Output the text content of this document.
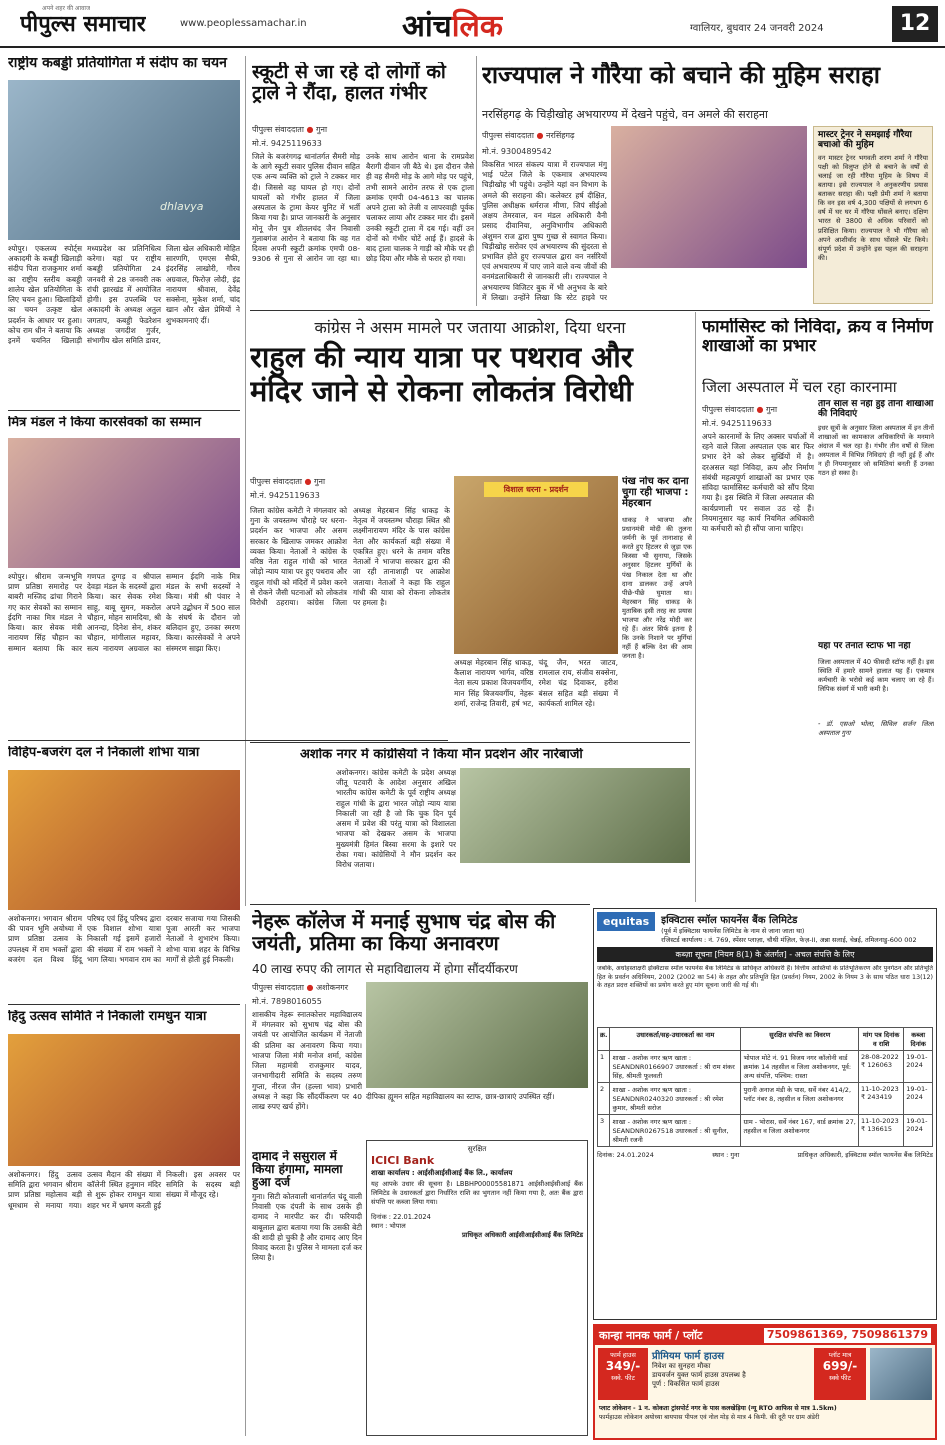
अपने शहर की आवाज
पीपुल्स समाचार	www.peoplessamachar.in	आंचलिक	ग्वालियर, बुधवार 24 जनवरी 2024	12
राष्ट्रीय कबड्डी प्रतियोगिता में संदीप का चयन
dhlavya
श्योपुर। एकलव्य स्पोर्ट्स अकादमी के कबड्डी खिलाड़ी संदीप पिता राजकुमार शर्मा का राष्ट्रीय स्तरीय कबड्डी शालेय खेल प्रतियोगिता के लिए चयन हुआ। खिलाड़ियों का चयन उत्कृष्ट खेल प्रदर्शन के आधार पर हुआ। कोच राम धीन ने बताया कि इनमें चयनित खिलाड़ी मध्यप्रदेश का प्रतिनिधित्व करेगा। यहां पर राष्ट्रीय कबड्डी प्रतियोगिता 24 जनवरी से 28 जनवरी तक रांची झारखंड में आयोजित होगी। इस उपलब्धि पर अकादमी के अध्यक्ष अतुल जगताप, कबड्डी फेडरेशन अध्यक्ष जगदीश गुर्जर, संभागीय खेल समिति डावर, जिला खेल अधिकारी मोहित सारणगि, एमएस सैफी, इंदरसिंह लाखोरी, गौरव अग्रवाल, फिरोज़ लोदी, इंद्र नारायण श्रीवास, देवेंद्र सक्सेना, मुकेश शर्मा, चांद खान और खेल प्रेमियों ने शुभकामनाएं दीं।
स्कूटी से जा रहे दो लोगों को ट्राले ने रौंदा, हालत गंभीर
पीपुल्स संवाददाता ● गुना
मो.नं. 9425119633
जिले के बजरंगगढ़ थानांतर्गत सैमरी मोड़ के आगे स्कूटी सवार पुलिस दीवान सहित एक अन्य व्यक्ति को ट्राले ने टक्कर मार दी। जिससे वह घायल हो गए। दोनों घायलों को गंभीर हालत में जिला अस्पताल के ट्रामा केयर यूनिट में भर्ती किया गया है। प्राप्त जानकारी के अनुसार मोनू जैन पुत्र शीतलचंद जैन निवासी गुलाबगंज आरोन ने बताया कि वह गत दिवस अपनी स्कूटी क्रमांक एमपी 08-9306 से गुना से आरोन जा रहा था। उनके साथ आरोन थाना के रामप्रवेश बैरागी दीवान जी बैठे थे। इस दौरान जैसे ही वह सैमरी मोड़ के आगे मोड़ पर पहुंचे, तभी सामने आरोन तरफ से एक ट्राला क्रमांक एमपी 04-4613 का चालक अपने ट्राला को तेजी व लापरवाही पूर्वक चलाकर लाया और टक्कर मार दी। इसमें उनकी स्कूटी ट्राला में दब गई। वहीं उन दोनों को गंभीर चोटें आई हैं। हादसे के बाद ट्राला चालक ने गाड़ी को मौके पर ही छोड़ दिया और मौके से फरार हो गया।
राज्यपाल ने गौरैया को बचाने की मुहिम सराहा
नरसिंहगढ़ के चिड़ीखोह अभयारण्य में देखने पहुंचे, वन अमले की सराहना
पीपुल्स संवाददाता ● नरसिंहगढ़
मो.नं. 9300489542
विकसित भारत संकल्प यात्रा में राज्यपाल मंगु भाई पटेल जिले के एकमात्र अभयारण्य चिड़ीखोह भी पहुंचे। उन्होंने यहां वन विभाग के अमले की सराहना की। कलेक्टर हर्ष दीक्षित, पुलिस अधीक्षक धर्मराज मीणा, जिपं सीईओ अक्षय तेमरवाल, वन मंडल अधिकारी वैनी प्रसाद दीवानिया, अनुविभागीय अधिकारी अंशुमन राज द्वारा पुष्प गुच्छ से स्वागत किया। चिड़ीखोह सरोवर एवं अभयारण्य की सुंदरता से प्रभावित होते हुए राज्यपाल द्वारा वन नर्सरियों एवं अभयारण्य में पाए जाने वाले वन्य जीवों की वनमंडलाधिकारी से जानकारी ली। राज्यपाल ने अभयारण्य विजिटर बुक में भी अनुभव के बारे में लिखा। उन्होंने लिखा कि स्टेट हाइवे पर
मास्टर ट्रेनर ने समझाई गौरैया बचाओ की मुहिम
वन मास्टर ट्रेनर भगवती शरण शर्मा ने गौरैया पक्षी को विलुप्त होने से बचाने के वर्षों से चलाई जा रही गौरैया मुहिम के विषय में बताया। इसे राज्यपाल ने अनुकरणीय प्रयास बताकर सराहा की। पक्षी प्रेमी शर्मा ने बताया कि वन इस वर्ष 4,300 पक्षियों से लगभग 6 वर्ष में घर घर में गौरैया घोंसले बनाए। दक्षिण भारत से 3800 से अधिक परिवारों को प्रशिक्षित किया। राज्यपाल ने भी गौरैया को अपने आशीर्वाद के साथ घोंसले भेंट किये। संपूर्ण प्रदेश में उन्होंने इस पहल की सराहना की।
मित्र मंडल ने किया कारसेवकों का सम्मान
श्योपुर। श्रीराम जन्मभूमि प्राण प्रतिष्ठा समारोह पर बाबरी मस्जिद ढांचा गिराने गए कार सेवकों का सम्मान ईदगि नाका मित्र मंडल ने किया। कार सेवक मंत्री नारायण सिंह चौहान का सम्मान बताया कि कार गणपत दुग्गड़ व श्रीपाल देवड़ा मंडल के सदस्यों द्वारा किया। कार सेवक रमेश साहू, बाबू सुमन, मकरोल चौहान, मोहन सामदिया, श्री आनन्दा, दिनेश सेन, शंकर चौहान, मांगीलाल महावर, सत्य नारायण अग्रवाल का सम्मान ईदगि नाके मित्र मंडल के सभी सदस्यों ने किया। मंत्री श्री पंवार ने अपने उद्बोधन में 500 साल के संघर्ष के दौरान जो बलिदान हुए, उनका स्मरण किया। कारसेवकों ने अपने संस्मरण साझा किए।
कांग्रेस ने असम मामले पर जताया आक्रोश, दिया धरना
राहुल की न्याय यात्रा पर पथराव और मंदिर जाने से रोकना लोकतंत्र विरोधी
पीपुल्स संवाददाता ● गुना
मो.नं. 9425119633
जिला कांग्रेस कमेटी ने मंगलवार को गुना के जयस्तम्भ चौराहे पर धरना-प्रदर्शन कर भाजपा और असम सरकार के खिलाफ जमकर आक्रोश व्यक्त किया। नेताओं ने कांग्रेस के वरिष्ठ नेता राहुल गांधी को भारत जोड़ो न्याय यात्रा पर हुए पथराव और राहुल गांधी को मंदिरों में प्रवेश करने से रोकने जैसी घटनाओं को लोकतंत्र विरोधी ठहराया। कांग्रेस जिला अध्यक्ष मेहरबान सिंह धाकड़ के नेतृत्व में जयस्तम्भ चौराहा स्थित श्री लक्ष्मीनारायण मंदिर के पास कांग्रेस नेता और कार्यकर्ता बड़ी संख्या में एकत्रित हुए। धरने के तमाम वरिष्ठ नेताओं ने भाजपा सरकार द्वारा की जा रही तानाशाही पर आक्रोश जताया। नेताओं ने कहा कि राहुल गांधी की यात्रा को रोकना लोकतंत्र पर हमला है।
विशाल धरना - प्रदर्शन
अध्यक्ष मेहरबान सिंह धाकड़, कैलाश नारायण भार्गव, वरिष्ठ नेता सत्य प्रकाश विजयवर्गीय, मान सिंह बिजयवर्गीय, नेहरू शर्मा, राजेन्द्र तिवारी, हर्ष भट, चंदू जैन, भरत जाटव, रामलाल राय, संजीव सक्सेना, रमेश चंद्र दिवाकर, हरीश बंसल सहित बड़ी संख्या में कार्यकर्ता शामिल रहे।
पंख नोच कर दाना चुगा रही भाजपा : मेहरबान
धाकड़ ने भाजपा और प्रधानमंत्री मोदी की तुलना जर्मनी के पूर्व तानाशाह से करते हुए हिटलर से जुड़ा एक किस्सा भी सुनाया, जिसके अनुसार हिटलर मुर्गियों के पंख निकाल देता था और दाना डालकर उन्हें अपने पीछे-पीछे घुमाता था। मेहरबान सिंह धाकड़ के मुताबिक इसी तरह का प्रयास भाजपा और नरेंद्र मोदी कर रहे हैं। अंतर सिर्फ इतना है कि उनके निशाने पर मुर्गियां नहीं हैं बल्कि देश की आम जनता है।
विहिप-बजरंग दल ने निकाली शोभा यात्रा
अशोकनगर। भगवान श्रीराम की पावन भूमि अयोध्या में प्राण प्रतिष्ठा उत्सव के उपलक्ष्य में राम भक्तों द्वारा बजरंग दल विश्व हिंदू परिषद एवं हिंदू परिषद द्वारा एक विशाल शोभा यात्रा निकाली गई इसमें हजारों की संख्या में राम भक्तों ने भाग लिया। भगवान राम का दरबार सजाया गया जिसकी पूजा आरती कर भाजपा नेताओं ने शुभारंभ किया। शोभा यात्रा शहर के विभिन्न मार्गों से होती हुई निकली।
अशोक नगर में कांग्रेसियों ने किया मौन प्रदर्शन और नारेबाजी
अशोकनगर। कांग्रेस कमेटी के प्रदेश अध्यक्ष जीतू पटवारी के आदेश अनुसार अखिल भारतीय कांग्रेस कमेटी के पूर्व राष्ट्रीय अध्यक्ष राहुल गांधी के द्वारा भारत जोड़ो न्याय यात्रा निकाली जा रही है जो कि चुक दिन पूर्व असम में प्रवेश की परंतु यात्रा को विशालता भाजपा को देखकर असम के भाजपा मुख्यमंत्री हिमंत बिस्वा सरमा के इशारे पर रोका गया। कांग्रेसियों ने मौन प्रदर्शन कर विरोध जताया।
हिंदु उत्सव समिति ने निकाली रामधुन यात्रा
अशोकनगर। हिंदु उत्सव समिति द्वारा भगवान श्रीराम प्राण प्रतिष्ठा महोत्सव बड़ी धूमधाम से मनाया गया। उत्सव मैदान की संख्या में कॉलेनी स्थित हनुमान मंदिर से शुरू होकर रामधुन यात्रा शहर भर में भ्रमण करती हुई निकली। इस अवसर पर समिति के सदस्य बड़ी संख्या में मौजूद रहे।
फार्मासिस्ट को निविदा, क्रय व निर्माण शाखाओं का प्रभार
जिला अस्पताल में चल रहा कारनामा
पीपुल्स संवाददाता ● गुना
मो.नं. 9425119633
तीन साल से नहीं हुई तीनों शाखाओं की निविदाएं
इधर सूत्रों के अनुसार जिला अस्पताल में इन तीनों शाखाओं का कामकाज अधिकारियों के मनमाने अंदाज में चल रहा है। गंभीर तीन वर्षों से जिला अस्पताल में विभिन्न निविदाएं ही नहीं हुई हैं और न ही नियमानुसार जो समितियां बनती हैं उनका गठन हो सका है।
अपने कारनामों के लिए अक्सर चर्चाओं में रहने वाले जिला अस्पताल एक बार फिर प्रभार देने को लेकर सुर्खियों में है। दरअसल यहां निविदा, क्रय और निर्माण संबंधी महत्वपूर्ण शाखाओं का प्रभार एक संविदा फार्मासिस्ट कर्मचारी को सौंप दिया गया है। इस स्थिति में जिला अस्पताल की कार्यप्रणाली पर सवाल उठ रहे हैं। नियमानुसार यह कार्य नियमित अधिकारी या कर्मचारी को ही सौंपा जाना चाहिए।
यहां पर तैनात स्टाफ भी नहीं
जिला अस्पताल में 40 फीसदी स्टॉफ नहीं है। इस स्थिति में हमारे सामने हालात यह हैं। एकमात्र कर्मचारी के भरोसे कई काम चलाए जा रहे हैं। लिपिक संवर्ग में भारी कमी है।
- डॉ. एसओ भोला, सिविल सर्जन जिला अस्पताल गुना
नेहरू कॉलेज में मनाई सुभाष चंद्र बोस की जयंती, प्रतिमा का किया अनावरण
40 लाख रुपए की लागत से महाविद्यालय में होगा सौंदर्यीकरण
पीपुल्स संवाददाता ● अशोकनगर
मो.नं. 7898016055
शासकीय नेहरू स्नातकोत्तर महाविद्यालय में मंगलवार को सुभाष चंद्र बोस की जयंती पर आयोजित कार्यक्रम में नेताजी की प्रतिमा का अनावरण किया गया। भाजपा जिला मंत्री मनोज शर्मा, कांग्रेस जिला महामंत्री राजकुमार यादव, जनभागीदारी समिति के सदस्य तरुण गुप्ता, नीरज जैन (हल्ला भाव) प्रभारी अध्यक्ष ने कहा कि सौंदर्यीकरण पर 40 लाख रुपए खर्च होंगे।
दीपिका ह्यूमन सहित महाविद्यालय का स्टाफ, छात्र-छात्राएं उपस्थित रहीं।
दामाद ने ससुराल में किया हंगामा, मामला हुआ दर्ज
गुना। सिटी कोतवाली थानांतर्गत चंदू वाली निवासी एक दंपती के साथ उसके ही दामाद ने मारपीट कर दी। फरियादी बाबूलाल द्वारा बताया गया कि उसकी बेटी की शादी हो चुकी है और दामाद आए दिन विवाद करता है। पुलिस ने मामला दर्ज कर लिया है।
सुरक्षित
ICICI Bank
शाखा कार्यालय : आईसीआईसीआई बैंक लि., कार्यालय
यह आपके उधार की सूचना है। LBBHP00005581871 आईसीआईसीआई बैंक लिमिटेड के उधारकर्ता द्वारा निर्धारित राशि का भुगतान नहीं किया गया है, अतः बैंक द्वारा संपत्ति पर कब्जा लिया गया।
दिनांक : 22.01.2024
स्थान : भोपाल
प्राधिकृत अधिकारी आईसीआईसीआई बैंक लिमिटेड
equitas	इक्विटास स्मॉल फायनेंस बैंक लिमिटेड
(पूर्व में इक्विटास फायनेंस लिमिटेड के नाम से जाना जाता था)
रजिस्टर्ड कार्यालय : नं. 769, स्पेंसर प्लाज़ा, चौथी मंज़िल, फेज़-II, अन्ना सलाई, चेन्नई, तमिलनाडु-600 002
कब्ज़ा सूचना [नियम 8(1) के अंतर्गत] - अचल संपत्ति के लिए
जबकि, अधोहस्ताक्षरी इक्विटास स्मॉल फायनेंस बैंक लिमिटेड के प्राधिकृत अधिकारी हैं। वित्तीय आस्तियों के प्रतिभूतिकरण और पुनर्गठन और प्रतिभूति हित के प्रवर्तन अधिनियम, 2002 (2002 का 54) के तहत और प्रतिभूति हित (प्रवर्तन) नियम, 2002 के नियम 3 के साथ पठित धारा 13(12) के तहत प्रदत्त शक्तियों का प्रयोग करते हुए मांग सूचना जारी की गई थी।
क्र.	उधारकर्ता/सह-उधारकर्ता का नाम	सुरक्षित संपत्ति का विवरण	मांग पत्र दिनांक व राशि	कब्जा दिनांक
1	शाखा - अशोक नगर ऋण खाता : SEANDNR0166907 उधारकर्ता : श्री राम शंकर सिंह, श्रीमती फूलवती	भोपाल मोटे नं. 91 विजय नगर कॉलोनी वार्ड क्रमांक 14 तहसील व जिला अशोकनगर, पूर्व: अन्य संपत्ति, पश्चिम: रास्ता	28-08-2022 ₹ 126063	19-01-2024
2	शाखा - अशोक नगर ऋण खाता : SEANDNR0240320 उधारकर्ता : श्री रमेश कुमार, श्रीमती सरोज	पुरानी अनाज मंडी के पास, सर्वे नंबर 414/2, प्लॉट नंबर 8, तहसील व जिला अशोकनगर	11-10-2023 ₹ 243419	19-01-2024
3	शाखा - अशोक नगर ऋण खाता : SEANDNR0267518 उधारकर्ता : श्री सुनील, श्रीमती रजनी	ग्राम - भोरास, सर्वे नंबर 167, वार्ड क्रमांक 27, तहसील व जिला अशोकनगर	11-10-2023 ₹ 136615	19-01-2024
दिनांक: 24.01.2024	स्थान : गुना	प्राधिकृत अधिकारी, इक्विटास स्मॉल फायनेंस बैंक लिमिटेड
कान्हा नानक फार्म / प्लॉट	7509861369, 7509861379
फार्म हाउस
349/-
स्क्वे. फीट
प्रीमियम फार्म हाउस
निवेश का सुनहरा मौका
डायवर्जन युक्त फार्म हाउस उपलब्ध है
पूर्ण : विकसित फार्म हाउस
प्लॉट मात्र
699/-
स्क्वे फीट
प्लाट लोकेशन - 1 न. कोकता ट्रांसपोर्ट नगर के पास कलखेड़िया (न्यू RTO आफिस से मात्र 1.5km)
फार्महाउस लोकेशन अयोध्या बायपास पीपल एवं नोल मोड़ से मात्र 4 किमी. की दूरी पर ग्राम अंडेरी
